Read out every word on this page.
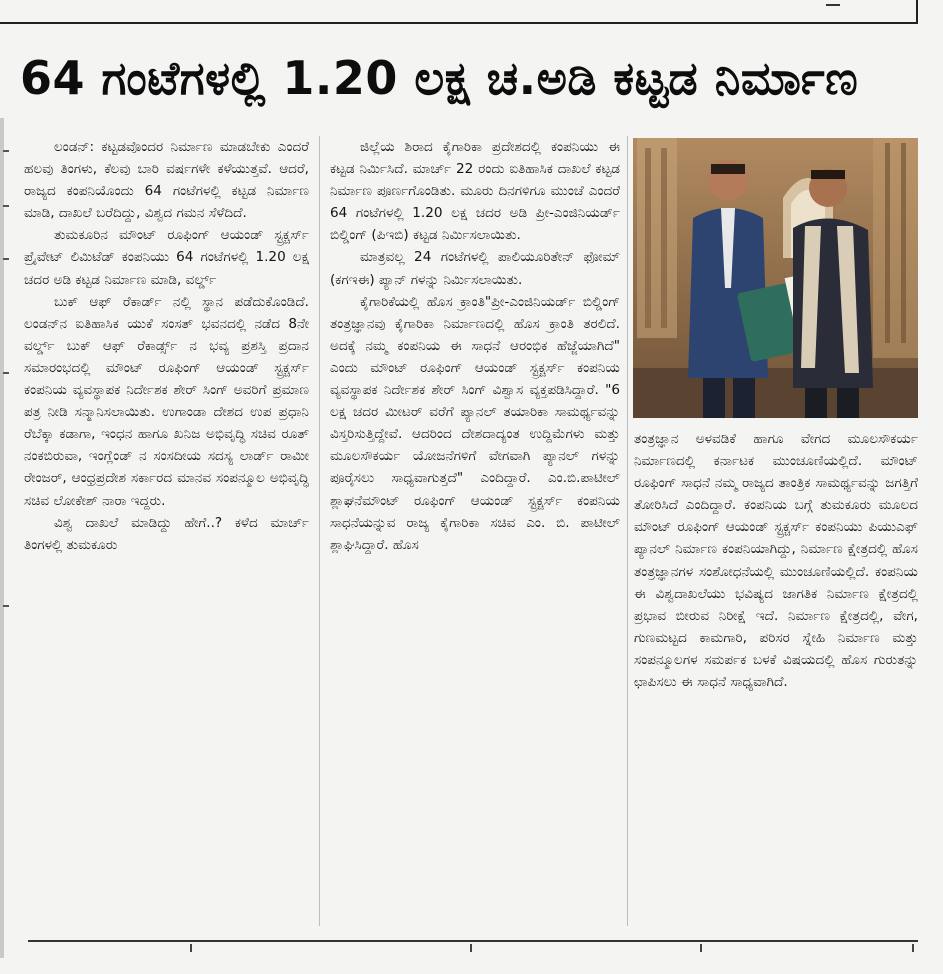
64 ಗಂಟೆಗಳಲ್ಲಿ 1.20 ಲಕ್ಷ ಚ.ಅಡಿ ಕಟ್ಟಡ ನಿರ್ಮಾಣ

ಲಂಡನ್: ಕಟ್ಟಡವೊಂದರ ನಿರ್ಮಾಣ ಮಾಡಬೇಕು ಎಂದರೆ ಹಲವು ತಿಂಗಳು, ಕೆಲವು ಬಾರಿ ವರ್ಷಗಳೇ ಕಳೆಯುತ್ತವೆ. ಆದರೆ, ರಾಜ್ಯದ ಕಂಪನಿಯೊಂದು 64 ಗಂಟೆಗಳಲ್ಲಿ ಕಟ್ಟಡ ನಿರ್ಮಾಣ ಮಾಡಿ, ದಾಖಲೆ ಬರೆದಿದ್ದು, ವಿಶ್ವದ ಗಮನ ಸೆಳೆದಿದೆ.

ತುಮಕೂರಿನ ಮೌಂಟ್ ರೂಫಿಂಗ್ ಆಯಂಡ್ ಸ್ಟ್ರಕ್ಚರ್ಸ್ ಪ್ರೈವೇಟ್ ಲಿಮಿಟೆಡ್ ಕಂಪನಿಯು 64 ಗಂಟೆಗಳಲ್ಲಿ 1.20 ಲಕ್ಷ ಚದರ ಅಡಿ ಕಟ್ಟಡ ನಿರ್ಮಾಣ ಮಾಡಿ, ವರ್ಲ್ಡ್

ಬುಕ್ ಆಫ್ ರೆಕಾರ್ಡ್ ನಲ್ಲಿ ಸ್ಥಾನ ಪಡೆದುಕೊಂಡಿದೆ. ಲಂಡನ್‌ನ ಐತಿಹಾಸಿಕ ಯುಕೆ ಸಂಸತ್ ಭವನದಲ್ಲಿ ನಡೆದ 8ನೇ ವರ್ಲ್ಡ್ ಬುಕ್ ಆಫ್ ರೆಕಾರ್ಡ್ಸ್ ನ ಭವ್ಯ ಪ್ರಶಸ್ತಿ ಪ್ರದಾನ ಸಮಾರಂಭದಲ್ಲಿ ಮೌಂಟ್ ರೂಫಿಂಗ್ ಆಯಂಡ್ ಸ್ಟ್ರಕ್ಚರ್ಸ್ ಕಂಪನಿಯ ವ್ಯವಸ್ಥಾಪಕ ನಿರ್ದೇಶಕ ಶೇರ್ ಸಿಂಗ್ ಅವರಿಗೆ ಪ್ರಮಾಣ ಪತ್ರ ನೀಡಿ ಸನ್ಮಾನಿಸಲಾಯಿತು. ಉಗಾಂಡಾ ದೇಶದ ಉಪ ಪ್ರಧಾನಿ ರೆಬೆಕ್ಕಾ ಕಡಾಗಾ, ಇಂಧನ ಹಾಗೂ ಖನಿಜ ಅಭಿವೃದ್ಧಿ ಸಚಿವ ರೂತ್ ನಂಕಬಿರುವಾ, ಇಂಗ್ಲೆಂಡ್ ನ ಸಂಸದೀಯ ಸದಸ್ಯ ಲಾರ್ಡ್ ರಾಮೀ ರೇಂಜರ್, ಆಂಧ್ರಪ್ರದೇಶ ಸರ್ಕಾರದ ಮಾನವ ಸಂಪನ್ಮೂಲ ಅಭಿವೃದ್ಧಿ ಸಚಿವ ಲೋಕೇಶ್ ನಾರಾ ಇದ್ದರು.

ವಿಶ್ವ ದಾಖಲೆ ಮಾಡಿದ್ದು ಹೇಗೆ..? ಕಳೆದ ಮಾರ್ಚ್ ತಿಂಗಳಲ್ಲಿ ತುಮಕೂರು

ಜಿಲ್ಲೆಯ ಶಿರಾದ ಕೈಗಾರಿಕಾ ಪ್ರದೇಶದಲ್ಲಿ ಕಂಪನಿಯು ಈ ಕಟ್ಟಡ ನಿರ್ಮಿಸಿದೆ. ಮಾರ್ಚ್ 22 ರಂದು ಐತಿಹಾಸಿಕ ದಾಖಲೆ ಕಟ್ಟಡ ನಿರ್ಮಾಣ ಪೂರ್ಣಗೊಂಡಿತು. ಮೂರು ದಿನಗಳಿಗೂ ಮುಂಚೆ ಎಂದರೆ 64 ಗಂಟೆಗಳಲ್ಲಿ 1.20 ಲಕ್ಷ ಚದರ ಅಡಿ ಪ್ರೀ-ಎಂಜಿನಿಯರ್ಡ್ ಬಿಲ್ಡಿಂಗ್ (ಪಿಇಬಿ) ಕಟ್ಟಡ ನಿರ್ಮಿಸಲಾಯಿತು.

ಮಾತ್ರವಲ್ಲ 24 ಗಂಟೆಗಳಲ್ಲಿ ಪಾಲಿಯೂರಿತೇನ್ ಫೋಮ್ (ಕಗಇಈ) ಪ್ಯಾನ್ ಗಳನ್ನು ನಿರ್ಮಿಸಲಾಯಿತು.

ಕೈಗಾರಿಕೆಯಲ್ಲಿ ಹೊಸ ಕ್ರಾಂತಿ"ಪ್ರೀ-ಎಂಜಿನಿಯರ್ಡ್ ಬಿಲ್ಡಿಂಗ್ ತಂತ್ರಜ್ಞಾನವು ಕೈಗಾರಿಕಾ ನಿರ್ಮಾಣದಲ್ಲಿ ಹೊಸ ಕ್ರಾಂತಿ ತರಲಿದೆ. ಅದಕ್ಕೆ ನಮ್ಮ ಕಂಪನಿಯ ಈ ಸಾಧನೆ ಆರಂಭಿಕ ಹೆಜ್ಜೆಯಾಗಿದೆ" ಎಂದು ಮೌಂಟ್ ರೂಫಿಂಗ್ ಆಯಂಡ್ ಸ್ಟ್ರಕ್ಚರ್ಸ್ ಕಂಪನಿಯ ವ್ಯವಸ್ಥಾಪಕ ನಿರ್ದೇಶಕ ಶೇರ್ ಸಿಂಗ್ ವಿಶ್ವಾಸ ವ್ಯಕ್ತಪಡಿಸಿದ್ದಾರೆ. "6 ಲಕ್ಷ ಚದರ ಮೀಟರ್ ವರೆಗೆ ಪ್ಯಾನಲ್ ತಯಾರಿಕಾ ಸಾಮರ್ಥ್ಯವನ್ನು ವಿಸ್ತರಿಸುತ್ತಿದ್ದೇವೆ. ಆದರಿಂದ ದೇಶದಾದ್ಯಂತ ಉದ್ದಿಮೆಗಳು ಮತ್ತು ಮೂಲಸೌಕರ್ಯ ಯೋಜನೆಗಳಿಗೆ ವೇಗವಾಗಿ ಪ್ಯಾನಲ್ ಗಳನ್ನು ಪೂರೈಸಲು ಸಾಧ್ಯವಾಗುತ್ತದೆ" ಎಂದಿದ್ದಾರೆ. ಎಂ.ಬಿ.ಪಾಟೀಲ್ ಶ್ಲಾಘನೆಮೌಂಟ್ ರೂಫಿಂಗ್ ಆಯಂಡ್ ಸ್ಟ್ರಕ್ಚರ್ಸ್ ಕಂಪನಿಯ ಸಾಧನೆಯನ್ನುವ ರಾಜ್ಯ ಕೈಗಾರಿಕಾ ಸಚಿವ ಎಂ. ಬಿ. ಪಾಟೀಲ್ ಶ್ಲಾಘಿಸಿದ್ದಾರೆ. ಹೊಸ

ತಂತ್ರಜ್ಞಾನ ಅಳವಡಿಕೆ ಹಾಗೂ ವೇಗದ ಮೂಲಸೌಕರ್ಯ ನಿರ್ಮಾಣದಲ್ಲಿ ಕರ್ನಾಟಕ ಮುಂಚೂಣಿಯಲ್ಲಿದೆ. ಮೌಂಟ್ ರೂಫಿಂಗ್ ಸಾಧನೆ ನಮ್ಮ ರಾಜ್ಯದ ತಾಂತ್ರಿಕ ಸಾಮರ್ಥ್ಯವನ್ನು ಜಗತ್ತಿಗೆ ತೋರಿಸಿದೆ ಎಂದಿದ್ದಾರೆ. ಕಂಪನಿಯ ಬಗ್ಗೆ ತುಮಕೂರು ಮೂಲದ ಮೌಂಟ್ ರೂಫಿಂಗ್ ಆಯಂಡ್ ಸ್ಟ್ರಕ್ಚರ್ಸ್ ಕಂಪನಿಯು ಪಿಯುಎಫ್ ಪ್ಯಾನಲ್ ನಿರ್ಮಾಣ ಕಂಪನಿಯಾಗಿದ್ದು, ನಿರ್ಮಾಣ ಕ್ಷೇತ್ರದಲ್ಲಿ ಹೊಸ ತಂತ್ರಜ್ಞಾನಗಳ ಸಂಶೋಧನೆಯಲ್ಲಿ ಮುಂಚೂಣಿಯಲ್ಲಿದೆ. ಕಂಪನಿಯ ಈ ವಿಶ್ವದಾಖಲೆಯು ಭವಿಷ್ಯದ ಜಾಗತಿಕ ನಿರ್ಮಾಣ ಕ್ಷೇತ್ರದಲ್ಲಿ ಪ್ರಭಾವ ಬೀರುವ ನಿರೀಕ್ಷೆ ಇದೆ. ನಿರ್ಮಾಣ ಕ್ಷೇತ್ರದಲ್ಲಿ, ವೇಗ, ಗುಣಮಟ್ಟದ ಕಾಮಗಾರಿ, ಪರಿಸರ ಸ್ನೇಹಿ ನಿರ್ಮಾಣ ಮತ್ತು ಸಂಪನ್ಮೂಲಗಳ ಸಮರ್ಪಕ ಬಳಕೆ ವಿಷಯದಲ್ಲಿ ಹೊಸ ಗುರುತನ್ನು ಛಾಪಿಸಲು ಈ ಸಾಧನೆ ಸಾಧ್ಯವಾಗಿದೆ.
